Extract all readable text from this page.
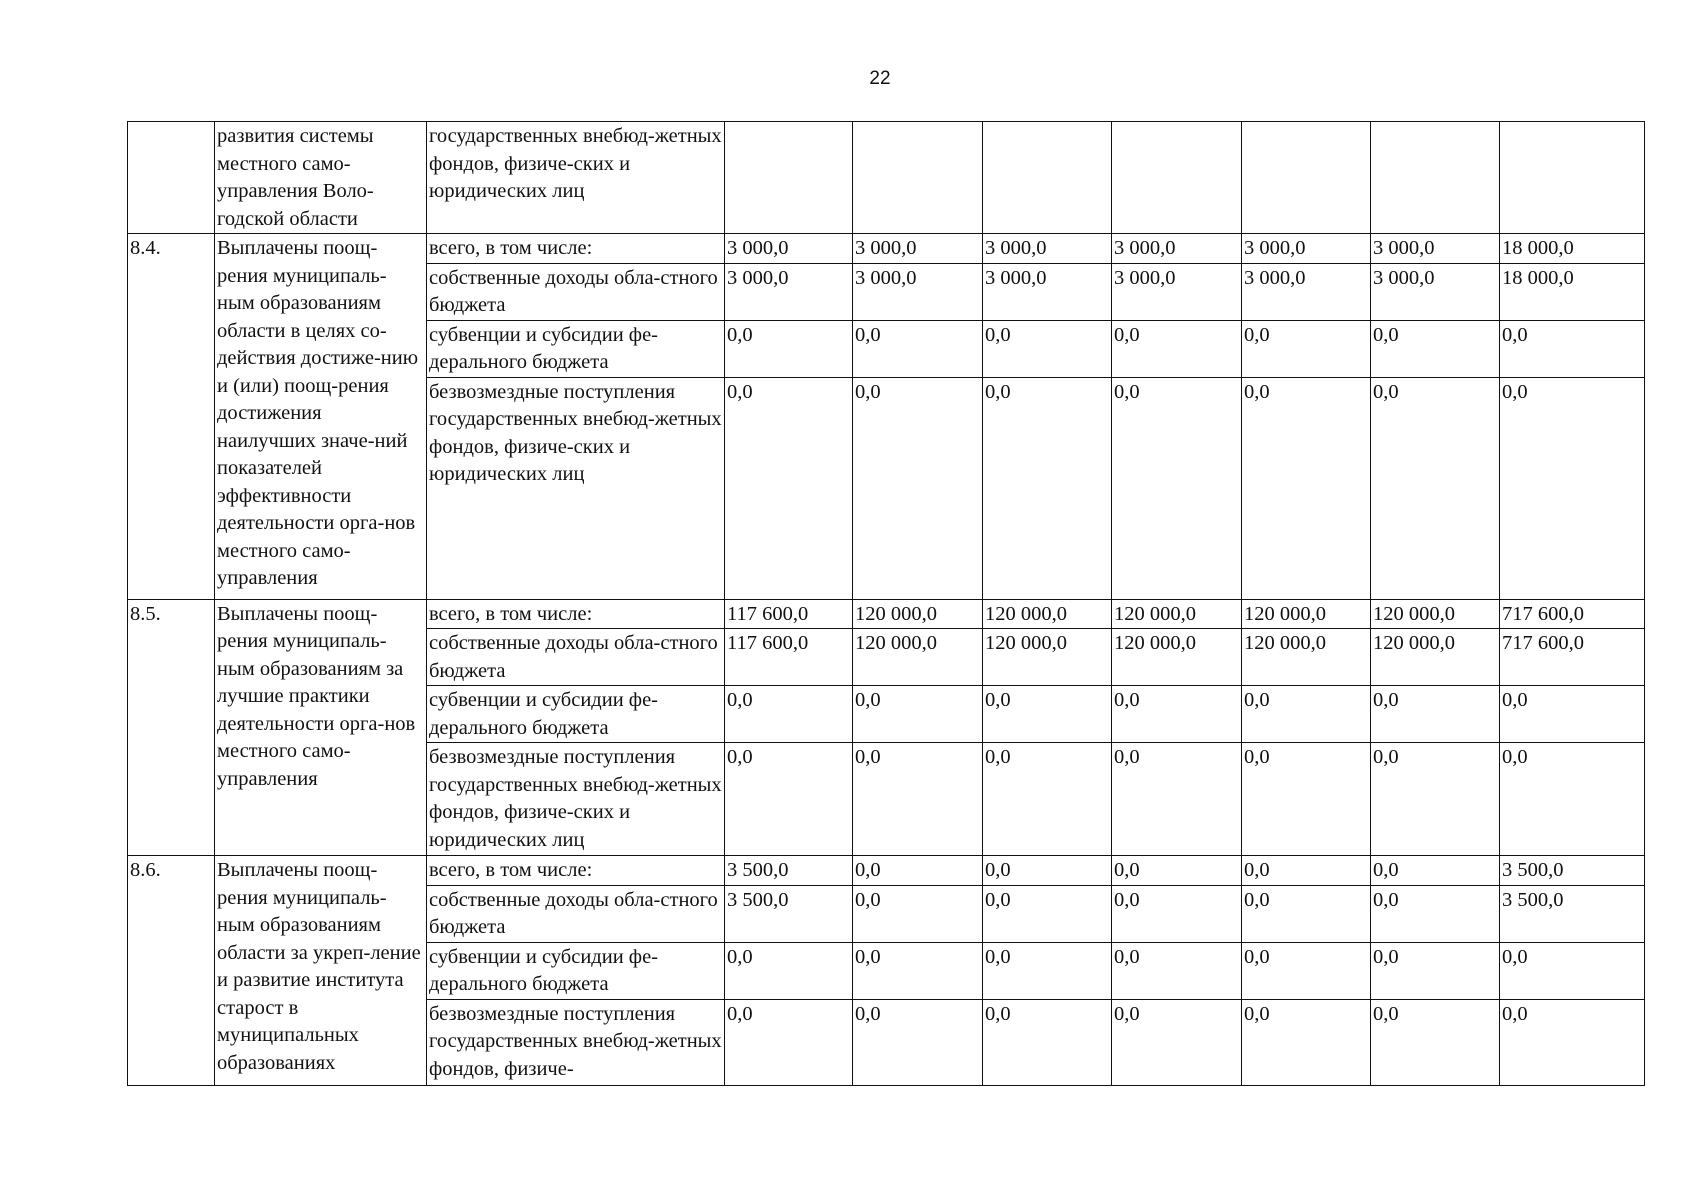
22
	развития системы местного само-управления Воло-годской области	государственных внебюд-жетных фондов, физиче-ских и юридических лиц							
8.4.	Выплачены поощ-рения муниципаль-ным образованиям области в целях со-действия достиже-нию и (или) поощ-рения достижения наилучших значе-ний показателей эффективности деятельности орга-нов местного само-управления	всего, в том числе:	3 000,0	3 000,0	3 000,0	3 000,0	3 000,0	3 000,0	18 000,0
		собственные доходы обла-стного бюджета	3 000,0	3 000,0	3 000,0	3 000,0	3 000,0	3 000,0	18 000,0
		субвенции и субсидии фе-дерального бюджета	0,0	0,0	0,0	0,0	0,0	0,0	0,0
		безвозмездные поступления государственных внебюд-жетных фондов, физиче-ских и юридических лиц	0,0	0,0	0,0	0,0	0,0	0,0	0,0
8.5.	Выплачены поощ-рения муниципаль-ным образованиям за лучшие практики деятельности орга-нов местного само-управления	всего, в том числе:	117 600,0	120 000,0	120 000,0	120 000,0	120 000,0	120 000,0	717 600,0
		собственные доходы обла-стного бюджета	117 600,0	120 000,0	120 000,0	120 000,0	120 000,0	120 000,0	717 600,0
		субвенции и субсидии фе-дерального бюджета	0,0	0,0	0,0	0,0	0,0	0,0	0,0
		безвозмездные поступления государственных внебюд-жетных фондов, физиче-ских и юридических лиц	0,0	0,0	0,0	0,0	0,0	0,0	0,0
8.6.	Выплачены поощ-рения муниципаль-ным образованиям области за укреп-ление и развитие института старост в муниципальных образованиях	всего, в том числе:	3 500,0	0,0	0,0	0,0	0,0	0,0	3 500,0
		собственные доходы обла-стного бюджета	3 500,0	0,0	0,0	0,0	0,0	0,0	3 500,0
		субвенции и субсидии фе-дерального бюджета	0,0	0,0	0,0	0,0	0,0	0,0	0,0
		безвозмездные поступления государственных внебюд-жетных фондов, физиче-	0,0	0,0	0,0	0,0	0,0	0,0	0,0
